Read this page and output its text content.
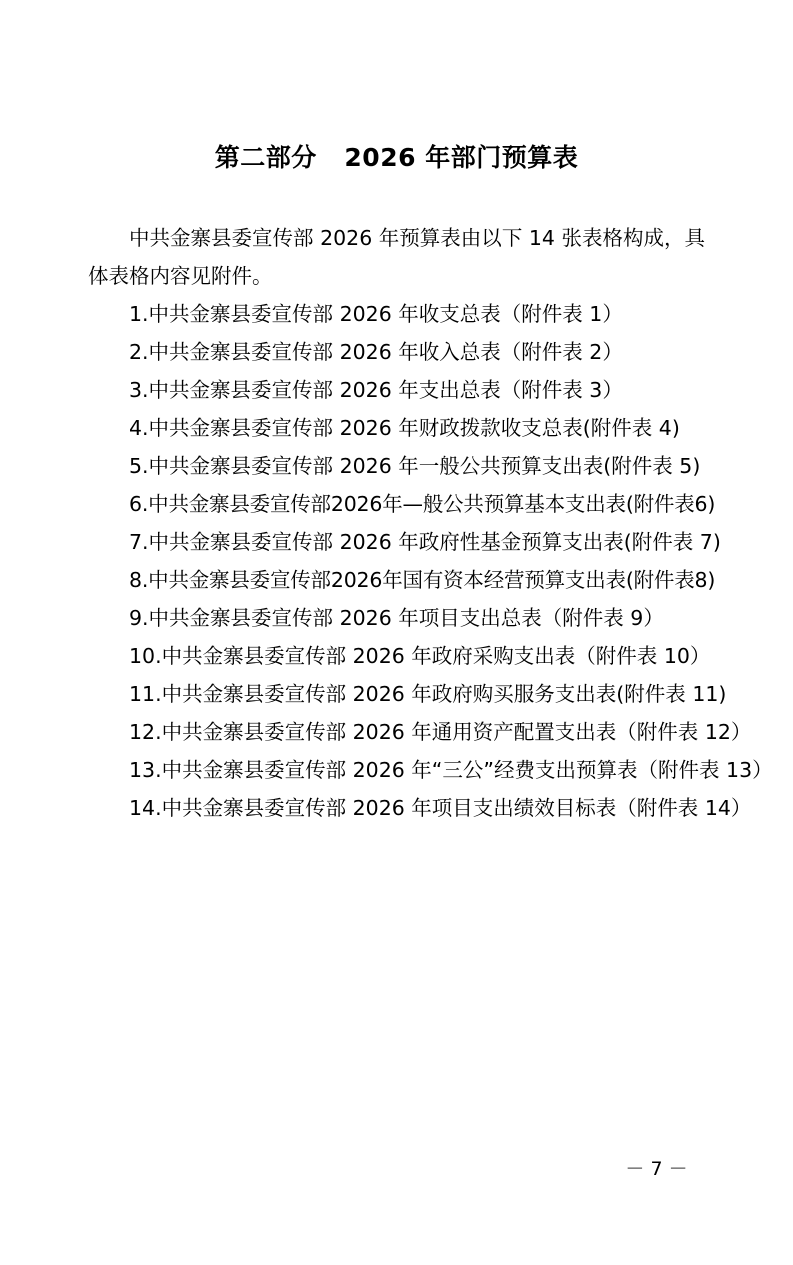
第二部分   2026 年部门预算表
中共金寨县委宣传部 2026 年预算表由以下 14 张表格构成，具体表格内容见附件。
1.中共金寨县委宣传部 2026 年收支总表（附件表 1）
2.中共金寨县委宣传部 2026 年收入总表（附件表 2）
3.中共金寨县委宣传部 2026 年支出总表（附件表 3）
4.中共金寨县委宣传部 2026 年财政拨款收支总表(附件表 4)
5.中共金寨县委宣传部 2026 年一般公共预算支出表(附件表 5)
6.中共金寨县委宣传部2026年—般公共预算基本支出表(附件表6)
7.中共金寨县委宣传部 2026 年政府性基金预算支出表(附件表 7)
8.中共金寨县委宣传部2026年国有资本经营预算支出表(附件表8)
9.中共金寨县委宣传部 2026 年项目支出总表（附件表 9）
10.中共金寨县委宣传部 2026 年政府采购支出表（附件表 10）
11.中共金寨县委宣传部 2026 年政府购买服务支出表(附件表 11)
12.中共金寨县委宣传部 2026 年通用资产配置支出表（附件表 12）
13.中共金寨县委宣传部 2026 年“三公”经费支出预算表（附件表 13）
14.中共金寨县委宣传部 2026 年项目支出绩效目标表（附件表 14）
－ 7 －
